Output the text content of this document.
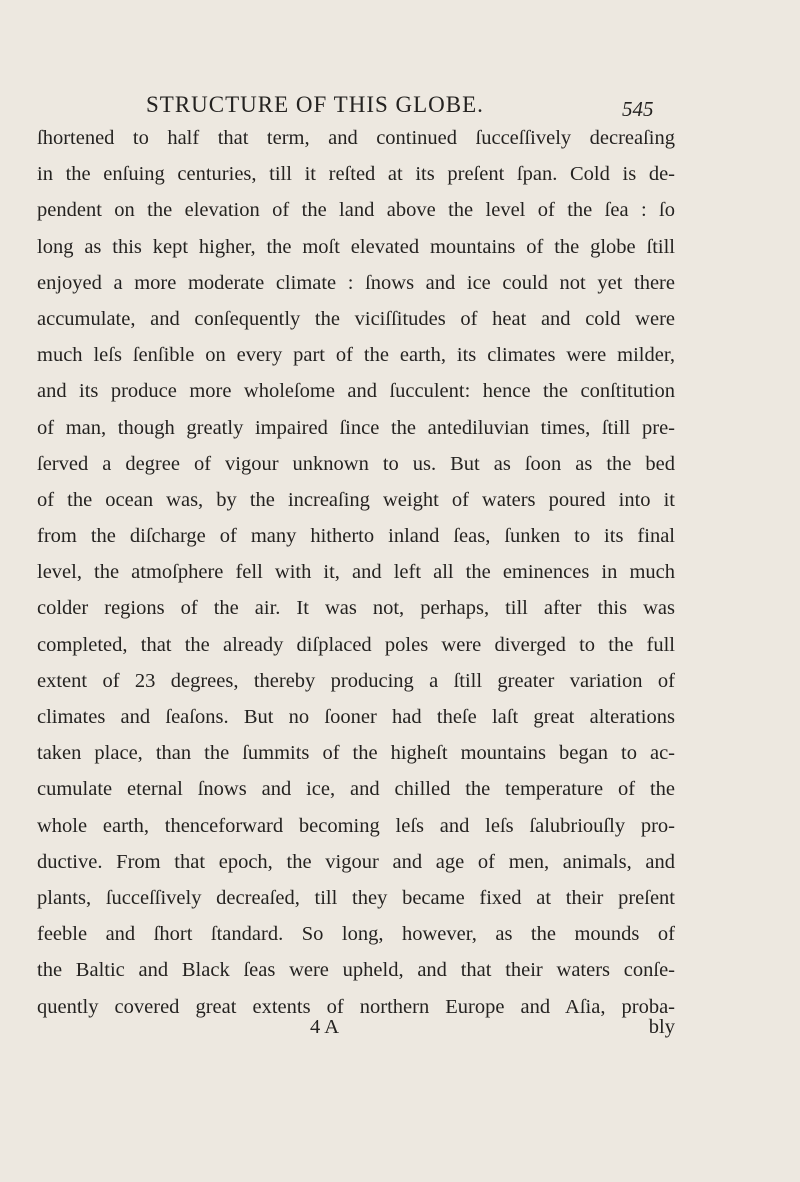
STRUCTURE OF THIS GLOBE.	545
ſhortened to half that term, and continued ſucceſſively decreaſing
in the enſuing centuries, till it reſted at its preſent ſpan. Cold is de-
pendent on the elevation of the land above the level of the ſea : ſo
long as this kept higher, the moſt elevated mountains of the globe ſtill
enjoyed a more moderate climate : ſnows and ice could not yet there
accumulate, and conſequently the viciſſitudes of heat and cold were
much leſs ſenſible on every part of the earth, its climates were milder,
and its produce more wholeſome and ſucculent: hence the conſtitution
of man, though greatly impaired ſince the antediluvian times, ſtill pre-
ſerved a degree of vigour unknown to us. But as ſoon as the bed
of the ocean was, by the increaſing weight of waters poured into it
from the diſcharge of many hitherto inland ſeas, ſunken to its final
level, the atmoſphere fell with it, and left all the eminences in much
colder regions of the air. It was not, perhaps, till after this was
completed, that the already diſplaced poles were diverged to the full
extent of 23 degrees, thereby producing a ſtill greater variation of
climates and ſeaſons. But no ſooner had theſe laſt great alterations
taken place, than the ſummits of the higheſt mountains began to ac-
cumulate eternal ſnows and ice, and chilled the temperature of the
whole earth, thenceforward becoming leſs and leſs ſalubriouſly pro-
ductive. From that epoch, the vigour and age of men, animals, and
plants, ſucceſſively decreaſed, till they became fixed at their preſent
feeble and ſhort ſtandard. So long, however, as the mounds of
the Baltic and Black ſeas were upheld, and that their waters conſe-
quently covered great extents of northern Europe and Aſia, proba-
4 A	bly
